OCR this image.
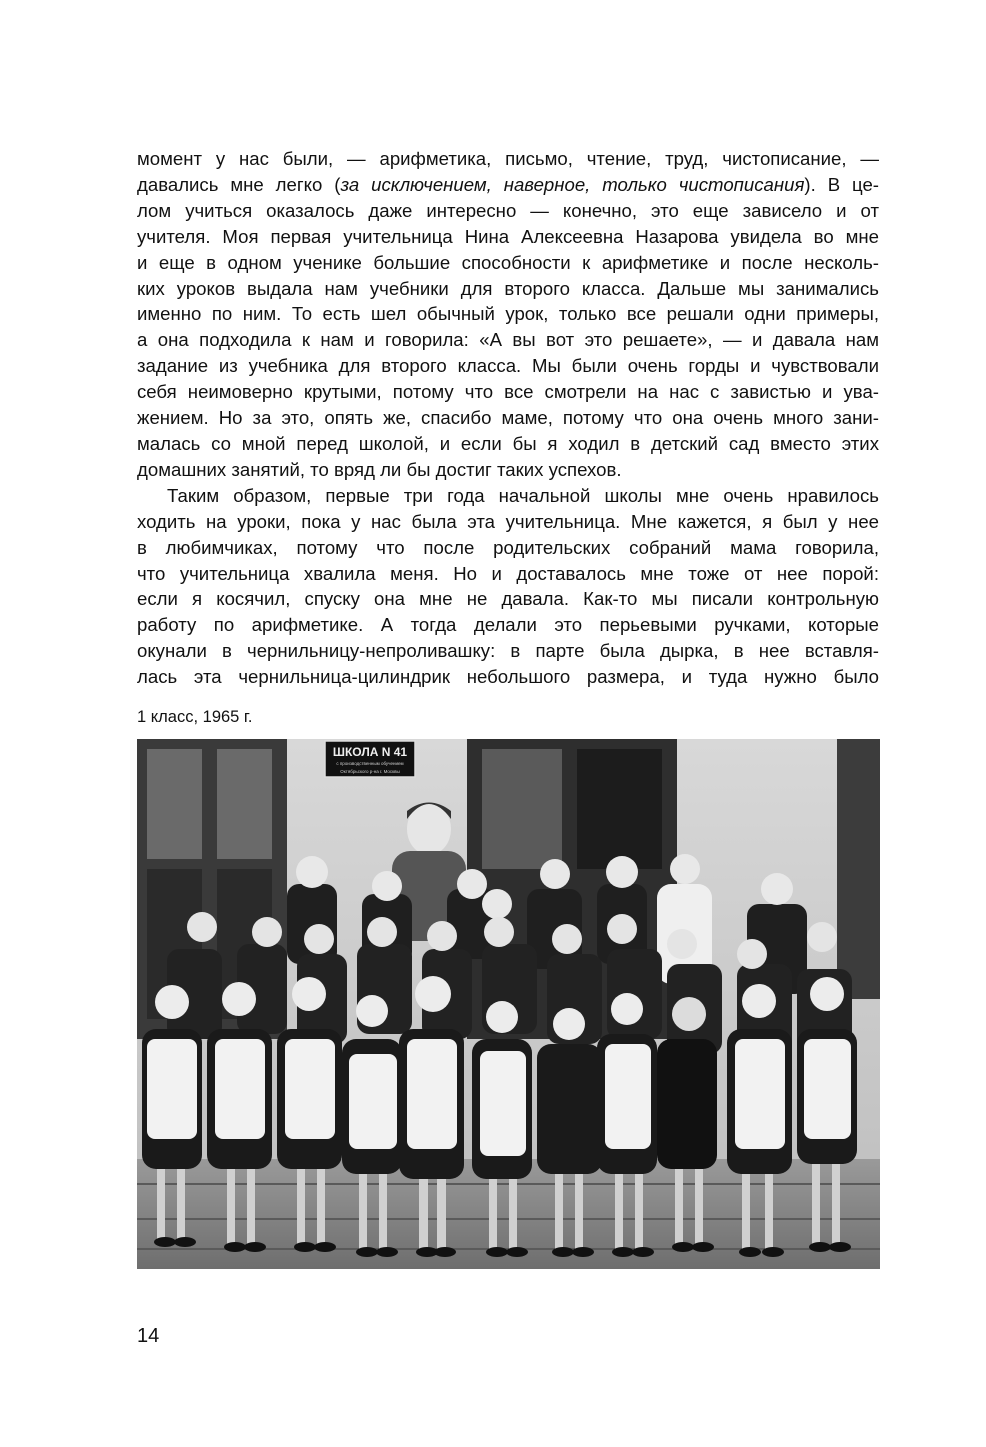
момент у нас были, — арифметика, письмо, чтение, труд, чистописание, —
давались мне легко (за исключением, наверное, только чистописания). В це-
лом учиться оказалось даже интересно — конечно, это еще зависело и от
учителя. Моя первая учительница Нина Алексеевна Назарова увидела во мне
и еще в одном ученике большие способности к арифметике и после несколь-
ких уроков выдала нам учебники для второго класса. Дальше мы занимались
именно по ним. То есть шел обычный урок, только все решали одни примеры,
а она подходила к нам и говорила: «А вы вот это решаете», — и давала нам
задание из учебника для второго класса. Мы были очень горды и чувствовали
себя неимоверно крутыми, потому что все смотрели на нас с завистью и ува-
жением. Но за это, опять же, спасибо маме, потому что она очень много зани-
малась со мной перед школой, и если бы я ходил в детский сад вместо этих
домашних занятий, то вряд ли бы достиг таких успехов.

Таким образом, первые три года начальной школы мне очень нравилось
ходить на уроки, пока у нас была эта учительница. Мне кажется, я был у нее
в любимчиках, потому что после родительских собраний мама говорила,
что учительница хвалила меня. Но и доставалось мне тоже от нее порой:
если я косячил, спуску она мне не давала. Как-то мы писали контрольную
работу по арифметике. А тогда делали это перьевыми ручками, которые
окунали в чернильницу-непроливашку: в парте была дырка, в нее вставля-
лась эта чернильница-цилиндрик небольшого размера, и туда нужно было

1 класс, 1965 г.
ШКОЛА N 41
с производственным обучением
Октябрьского р-на г. Москвы
14
